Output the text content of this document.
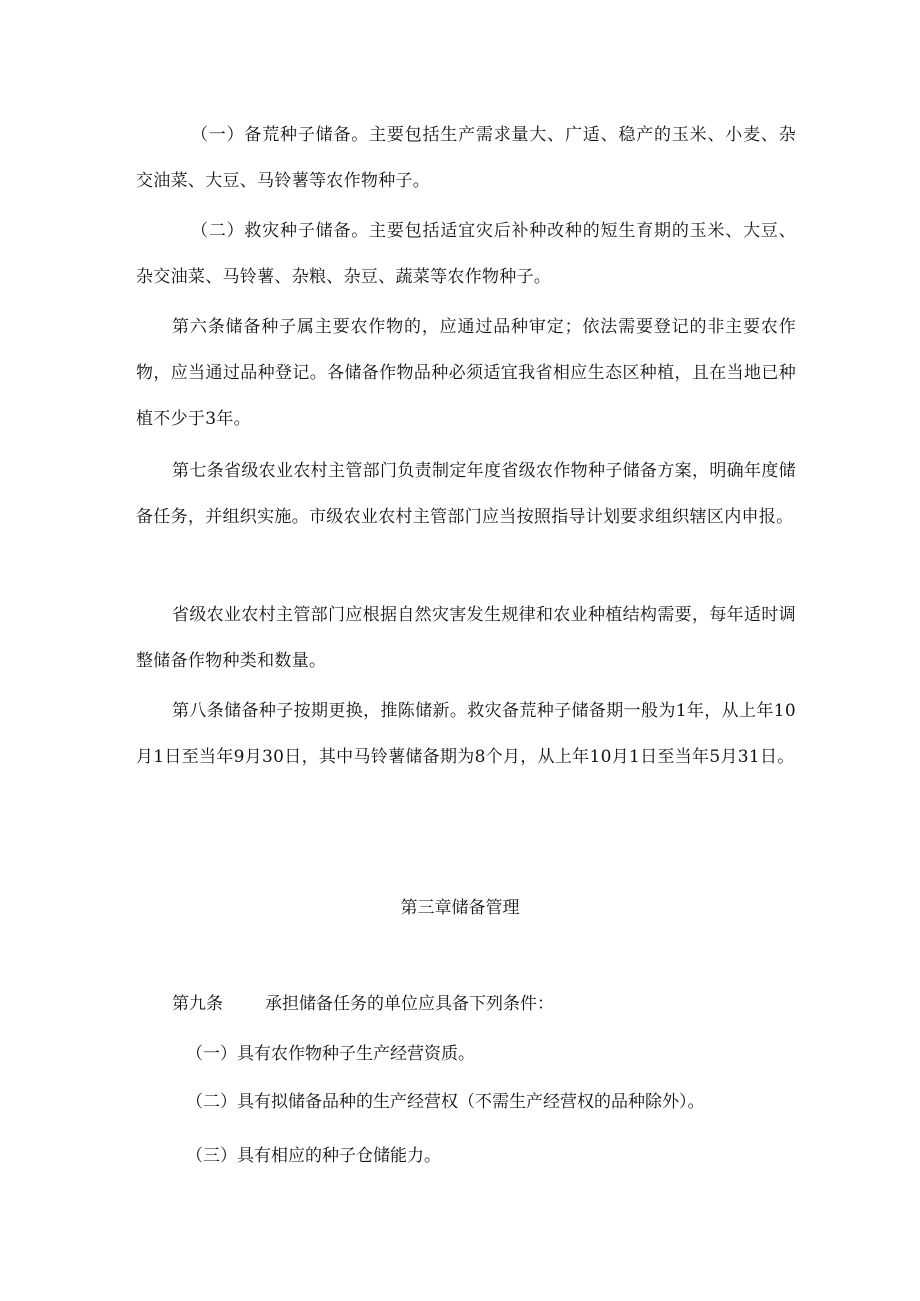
（一）备荒种子储备。主要包括生产需求量大、广适、稳产的玉米、小麦、杂交油菜、大豆、马铃薯等农作物种子。

（二）救灾种子储备。主要包括适宜灾后补种改种的短生育期的玉米、大豆、杂交油菜、马铃薯、杂粮、杂豆、蔬菜等农作物种子。

第六条储备种子属主要农作物的，应通过品种审定；依法需要登记的非主要农作物，应当通过品种登记。各储备作物品种必须适宜我省相应生态区种植，且在当地已种植不少于3年。

第七条省级农业农村主管部门负责制定年度省级农作物种子储备方案，明确年度储备任务，并组织实施。市级农业农村主管部门应当按照指导计划要求组织辖区内申报。

省级农业农村主管部门应根据自然灾害发生规律和农业种植结构需要，每年适时调整储备作物种类和数量。

第八条储备种子按期更换，推陈储新。救灾备荒种子储备期一般为1年，从上年10月1日至当年9月30日，其中马铃薯储备期为8个月，从上年10月1日至当年5月31日。

第三章储备管理

第九条 承担储备任务的单位应具备下列条件：

（一）具有农作物种子生产经营资质。

（二）具有拟储备品种的生产经营权（不需生产经营权的品种除外）。

（三）具有相应的种子仓储能力。
